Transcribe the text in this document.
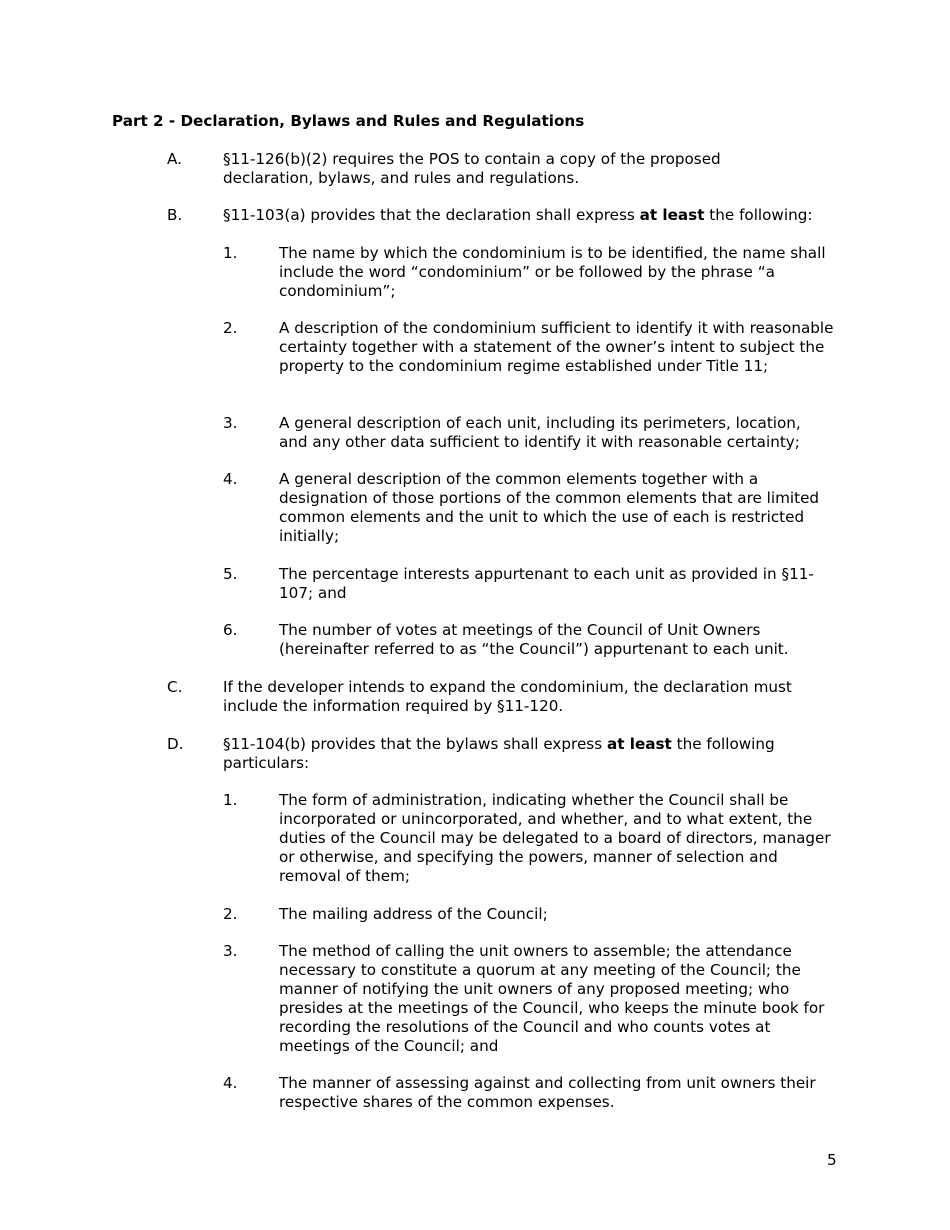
Part 2 - Declaration, Bylaws and Rules and Regulations
A.	§11-126(b)(2) requires the POS to contain a copy of the proposed declaration, bylaws, and rules and regulations.
B.	§11-103(a) provides that the declaration shall express at least the following:
1.	The name by which the condominium is to be identified, the name shall include the word “condominium” or be followed by the phrase “a condominium”;
2.	A description of the condominium sufficient to identify it with reasonable certainty together with a statement of the owner’s intent to subject the property to the condominium regime established under Title 11;
3.	A general description of each unit, including its perimeters, location, and any other data sufficient to identify it with reasonable certainty;
4.	A general description of the common elements together with a designation of those portions of the common elements that are limited common elements and the unit to which the use of each is restricted initially;
5.	The percentage interests appurtenant to each unit as provided in §11-107; and
6.	The number of votes at meetings of the Council of Unit Owners (hereinafter referred to as “the Council”) appurtenant to each unit.
C.	If the developer intends to expand the condominium, the declaration must include the information required by §11-120.
D.	§11-104(b) provides that the bylaws shall express at least the following particulars:
1.	The form of administration, indicating whether the Council shall be incorporated or unincorporated, and whether, and to what extent, the duties of the Council may be delegated to a board of directors, manager or otherwise, and specifying the powers, manner of selection and removal of them;
2.	The mailing address of the Council;
3.	The method of calling the unit owners to assemble; the attendance necessary to constitute a quorum at any meeting of the Council; the manner of notifying the unit owners of any proposed meeting; who presides at the meetings of the Council, who keeps the minute book for recording the resolutions of the Council and who counts votes at meetings of the Council; and
4.	The manner of assessing against and collecting from unit owners their respective shares of the common expenses.
5
